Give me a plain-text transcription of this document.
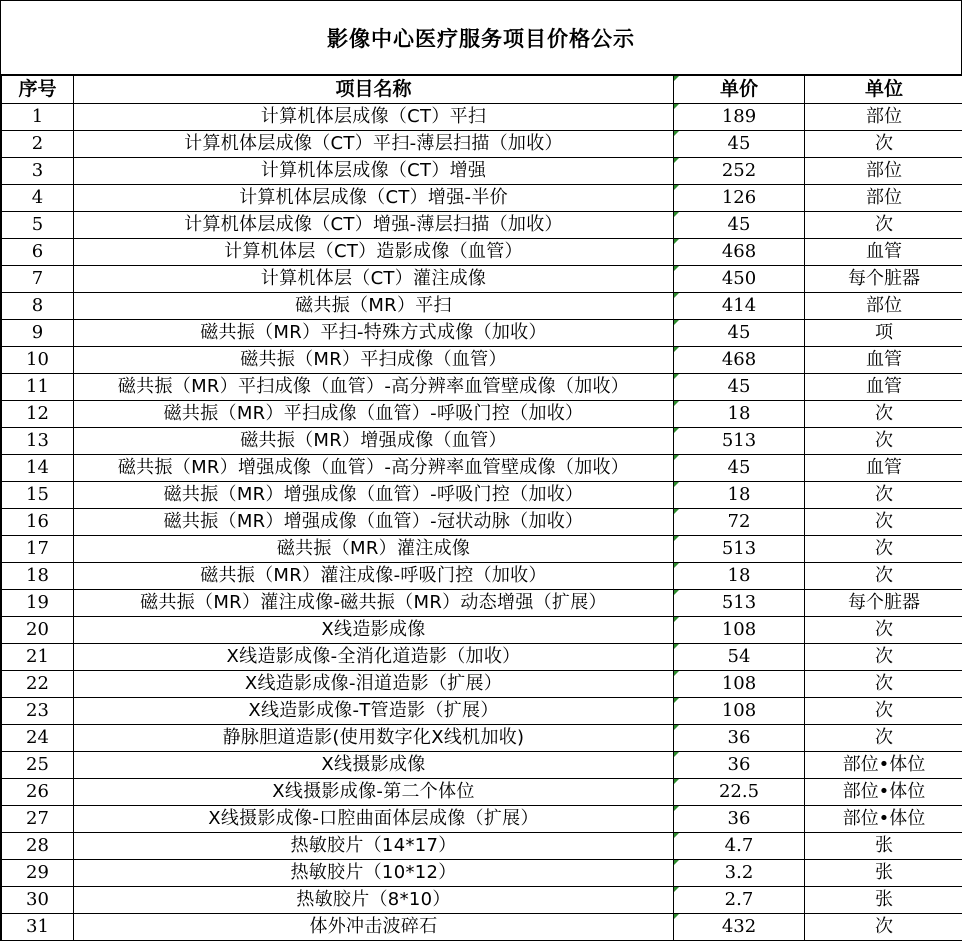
影像中心医疗服务项目价格公示
序号	项目名称	单价	单位
1	计算机体层成像（CT）平扫	189	部位
2	计算机体层成像（CT）平扫-薄层扫描（加收）	45	次
3	计算机体层成像（CT）增强	252	部位
4	计算机体层成像（CT）增强-半价	126	部位
5	计算机体层成像（CT）增强-薄层扫描（加收）	45	次
6	计算机体层（CT）造影成像（血管）	468	血管
7	计算机体层（CT）灌注成像	450	每个脏器
8	磁共振（MR）平扫	414	部位
9	磁共振（MR）平扫-特殊方式成像（加收）	45	项
10	磁共振（MR）平扫成像（血管）	468	血管
11	磁共振（MR）平扫成像（血管）-高分辨率血管壁成像（加收）	45	血管
12	磁共振（MR）平扫成像（血管）-呼吸门控（加收）	18	次
13	磁共振（MR）增强成像（血管）	513	次
14	磁共振（MR）增强成像（血管）-高分辨率血管壁成像（加收）	45	血管
15	磁共振（MR）增强成像（血管）-呼吸门控（加收）	18	次
16	磁共振（MR）增强成像（血管）-冠状动脉（加收）	72	次
17	磁共振（MR）灌注成像	513	次
18	磁共振（MR）灌注成像-呼吸门控（加收）	18	次
19	磁共振（MR）灌注成像-磁共振（MR）动态增强（扩展）	513	每个脏器
20	X线造影成像	108	次
21	X线造影成像-全消化道造影（加收）	54	次
22	X线造影成像-泪道造影（扩展）	108	次
23	X线造影成像-T管造影（扩展）	108	次
24	静脉胆道造影(使用数字化X线机加收)	36	次
25	X线摄影成像	36	部位•体位
26	X线摄影成像-第二个体位	22.5	部位•体位
27	X线摄影成像-口腔曲面体层成像（扩展）	36	部位•体位
28	热敏胶片（14*17）	4.7	张
29	热敏胶片（10*12）	3.2	张
30	热敏胶片（8*10）	2.7	张
31	体外冲击波碎石	432	次
